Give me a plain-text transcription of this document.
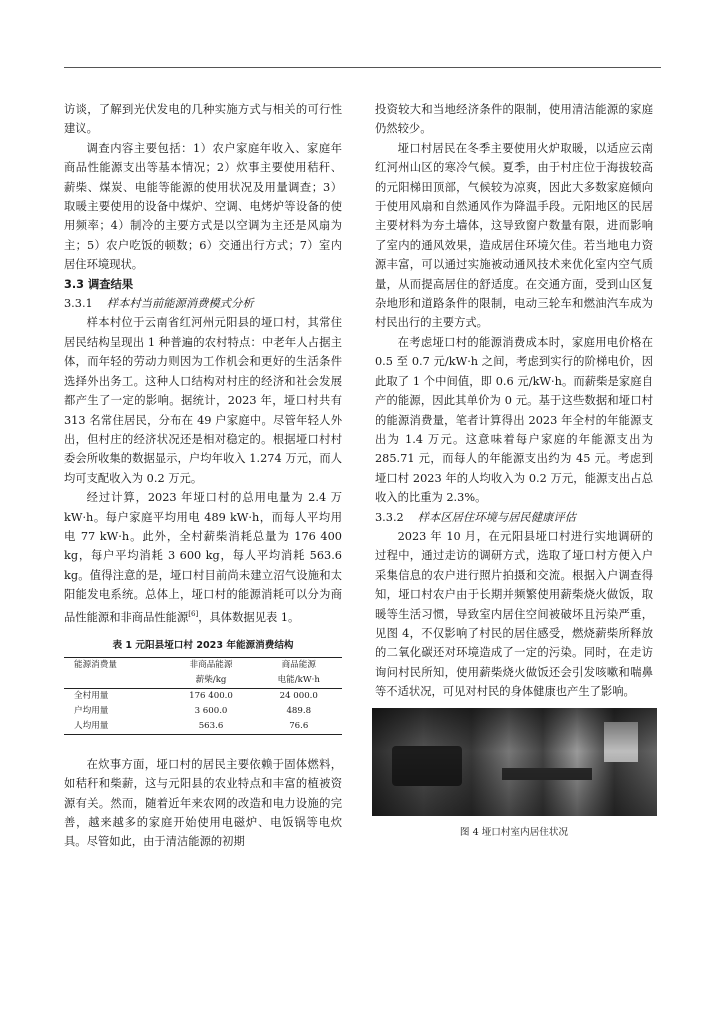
访谈，了解到光伏发电的几种实施方式与相关的可行性建议。

调查内容主要包括：1）农户家庭年收入、家庭年商品性能源支出等基本情况；2）炊事主要使用秸秆、薪柴、煤炭、电能等能源的使用状况及用量调查；3）取暖主要使用的设备中煤炉、空调、电烤炉等设备的使用频率；4）制冷的主要方式是以空调为主还是风扇为主；5）农户吃饭的顿数；6）交通出行方式；7）室内居住环境现状。

3.3 调查结果
3.3.1 样本村当前能源消费模式分析

样本村位于云南省红河州元阳县的垭口村，其常住居民结构呈现出 1 种普遍的农村特点：中老年人占据主体，而年轻的劳动力则因为工作机会和更好的生活条件选择外出务工。这种人口结构对村庄的经济和社会发展都产生了一定的影响。据统计，2023 年，垭口村共有 313 名常住居民，分布在 49 户家庭中。尽管年轻人外出，但村庄的经济状况还是相对稳定的。根据垭口村村委会所收集的数据显示，户均年收入 1.274 万元，而人均可支配收入为 0.2 万元。

经过计算，2023 年垭口村的总用电量为 2.4 万 kW·h。每户家庭平均用电 489 kW·h，而每人平均用电 77 kW·h。此外，全村薪柴消耗总量为 176 400 kg，每户平均消耗 3 600 kg，每人平均消耗 563.6 kg。值得注意的是，垭口村目前尚未建立沼气设施和太阳能发电系统。总体上，垭口村的能源消耗可以分为商品性能源和非商品性能源[6]，具体数据见表 1。

表 1 元阳县垭口村 2023 年能源消费结构
能源消费量	非商品能源	商品能源
	薪柴/kg	电能/kW·h
全村用量	176 400.0	24 000.0
户均用量	3 600.0	489.8
人均用量	563.6	76.6

在炊事方面，垭口村的居民主要依赖于固体燃料，如秸秆和柴薪，这与元阳县的农业特点和丰富的植被资源有关。然而，随着近年来农网的改造和电力设施的完善，越来越多的家庭开始使用电磁炉、电饭锅等电炊具。尽管如此，由于清洁能源的初期

投资较大和当地经济条件的限制，使用清洁能源的家庭仍然较少。

垭口村居民在冬季主要使用火炉取暖，以适应云南红河州山区的寒冷气候。夏季，由于村庄位于海拔较高的元阳梯田顶部，气候较为凉爽，因此大多数家庭倾向于使用风扇和自然通风作为降温手段。元阳地区的民居主要材料为夯土墙体，这导致窗户数量有限，进而影响了室内的通风效果，造成居住环境欠佳。若当地电力资源丰富，可以通过实施被动通风技术来优化室内空气质量，从而提高居住的舒适度。在交通方面，受到山区复杂地形和道路条件的限制，电动三轮车和燃油汽车成为村民出行的主要方式。

在考虑垭口村的能源消费成本时，家庭用电价格在 0.5 至 0.7 元/kW·h 之间，考虑到实行的阶梯电价，因此取了 1 个中间值，即 0.6 元/kW·h。而薪柴是家庭自产的能源，因此其单价为 0 元。基于这些数据和垭口村的能源消费量，笔者计算得出 2023 年全村的年能源支出为 1.4 万元。这意味着每户家庭的年能源支出为 285.71 元，而每人的年能源支出约为 45 元。考虑到垭口村 2023 年的人均收入为 0.2 万元，能源支出占总收入的比重为 2.3%。

3.3.2 样本区居住环境与居民健康评估

2023 年 10 月，在元阳县垭口村进行实地调研的过程中，通过走访的调研方式，选取了垭口村方便入户采集信息的农户进行照片拍摄和交流。根据入户调查得知，垭口村农户由于长期并频繁使用薪柴烧火做饭，取暖等生活习惯，导致室内居住空间被破坏且污染严重，见图 4，不仅影响了村民的居住感受，燃烧薪柴所释放的二氧化碳还对环境造成了一定的污染。同时，在走访询问村民所知，使用薪柴烧火做饭还会引发咳嗽和喘鼻等不适状况，可见对村民的身体健康也产生了影响。

图 4 垭口村室内居住状况
